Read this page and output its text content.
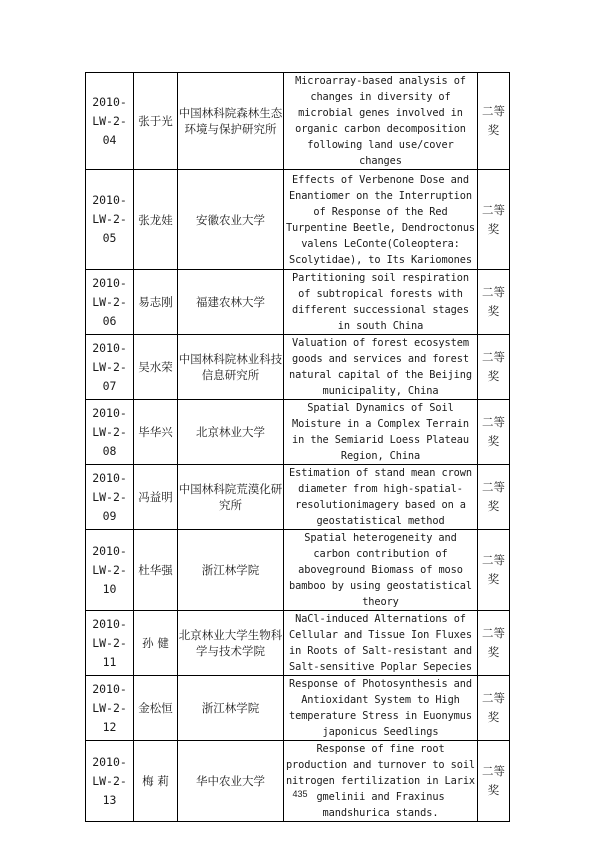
2010-LW-2-04	张于光	中国林科院森林生态环境与保护研究所	Microarray-based analysis of changes in diversity of microbial genes involved in organic carbon decomposition following land use/cover changes	二等奖
2010-LW-2-05	张龙娃	安徽农业大学	Effects of Verbenone Dose and Enantiomer on the Interruption of Response of the Red Turpentine Beetle, Dendroctonus valens LeConte(Coleoptera: Scolytidae), to Its Kariomones	二等奖
2010-LW-2-06	易志刚	福建农林大学	Partitioning soil respiration of subtropical forests with different successional stages in south China	二等奖
2010-LW-2-07	吴水荣	中国林科院林业科技信息研究所	Valuation of forest ecosystem goods and services and forest natural capital of the Beijing municipality, China	二等奖
2010-LW-2-08	毕华兴	北京林业大学	Spatial Dynamics of Soil Moisture in a Complex Terrain in the Semiarid Loess Plateau Region, China	二等奖
2010-LW-2-09	冯益明	中国林科院荒漠化研究所	Estimation of stand mean crown diameter from high-spatial-resolutionimagery based on a geostatistical method	二等奖
2010-LW-2-10	杜华强	浙江林学院	Spatial heterogeneity and carbon contribution of aboveground Biomass of moso bamboo by using geostatistical theory	二等奖
2010-LW-2-11	孙 健	北京林业大学生物科学与技术学院	NaCl-induced Alternations of Cellular and Tissue Ion Fluxes in Roots of Salt-resistant and Salt-sensitive Poplar Sepecies	二等奖
2010-LW-2-12	金松恒	浙江林学院	Response of Photosynthesis and Antioxidant System to High temperature Stress in Euonymus japonicus Seedlings	二等奖
2010-LW-2-13	梅 莉	华中农业大学	Response of fine root production and turnover to soil nitrogen fertilization in Larix gmelinii and Fraxinus mandshurica stands.	二等奖
435
